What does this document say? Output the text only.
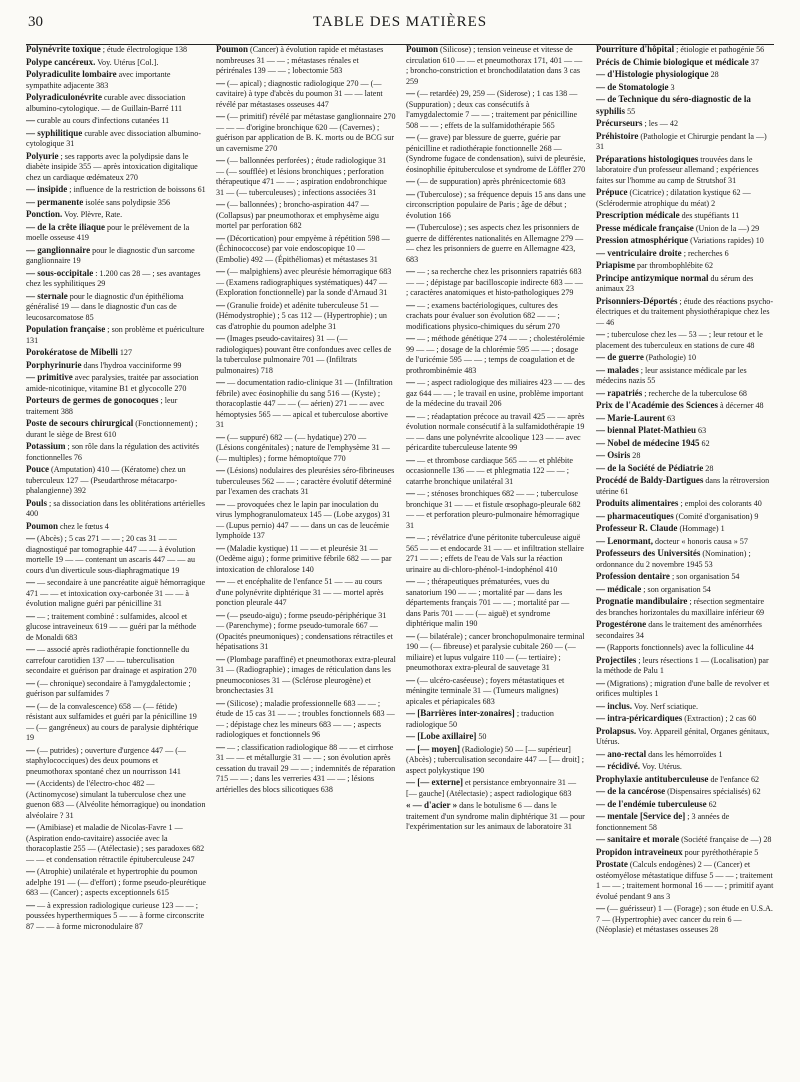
30	TABLE DES MATIÈRES
Polynévrite toxique ; étude électrologique 138
Polype cancéreux. Voy. Utérus [Col.].
Polyradiculite lombaire avec importante sympathite adjacente 383
Polyradiculonévrite curable avec dissociation albumino-cytologique. — de Guillain-Barré 111
— curable au cours d'infections cutanées 11
— syphilitique curable avec dissociation albumino-cytologique 31
Polyurie ; ses rapports avec la polydipsie dans le diabète insipide 355 — après intoxication digitalique chez un cardiaque œdémateux 270
— insipide ; influence de la restriction de boissons 61
— permanente isolée sans polydipsie 356
Ponction. Voy. Plèvre, Rate.
— de la crête iliaque pour le prélèvement de la moelle osseuse 419
— ganglionnaire pour le diagnostic d'un sarcome ganglionnaire 19
— sous-occipitale : 1.200 cas 28 — ; ses avantages chez les syphilitiques 29
— sternale pour le diagnostic d'un épithélioma généralisé 19 — dans le diagnostic d'un cas de leucosarcomatose 85
Population française ; son problème et puériculture 131
Porokératose de Mibelli 127
Porphyrinurie dans l'hydroa vacciniforme 99
— primitive avec paralysies, traitée par association amide-nicotinique, vitamine B1 et glycocolle 270
Porteurs de germes de gonocoques ; leur traitement 388
Poste de secours chirurgical (Fonctionnement) ; durant le siège de Brest 610
Potassium ; son rôle dans la régulation des activités fonctionnelles 76
Pouce (Amputation) 410 — (Kératome) chez un tuberculeux 127 — (Pseudarthrose métacarpo-phalangienne) 392
Pouls ; sa dissociation dans les oblitérations artérielles 400
Poumon chez le fœtus 4
— (Abcès) ; 5 cas 271 — — ; 20 cas 31 — — diagnostiqué par tomographie 447 — — à évolution mortelle 19 — — contenant un ascaris 447 — — au cours d'un diverticule sous-diaphragmatique 19
— — secondaire à une pancréatite aiguë hémorragique 471 — — et intoxication oxy-carbonée 31 — — à évolution maligne guéri par pénicilline 31
— — ; traitement combiné : sulfamides, alcool et glucose intraveineux 619 — — guéri par la méthode de Monaldi 683
— — associé après radiothérapie fonctionnelle du carrefour carotidien 137 — — tuberculisation secondaire et guérison par drainage et aspiration 270
— (— chronique) secondaire à l'amygdalectomie ; guérison par sulfamides 7
— (— de la convalescence) 658 — (— fétide) résistant aux sulfamides et guéri par la pénicilline 19 — (— gangréneux) au cours de paralysie diphtérique 19
— (— putrides) ; ouverture d'urgence 447 — (— staphylococciques) des deux poumons et pneumothorax spontané chez un nourrisson 141
— (Accidents) de l'électro-choc 482 — (Actinomycose) simulant la tuberculose chez une guenon 683 — (Alvéolite hémorragique) ou inondation alvéolaire ? 31
— (Amibiase) et maladie de Nicolas-Favre 1 — (Aspiration endo-cavitaire) associée avec la thoracoplastie 255 — (Atélectasie) ; ses paradoxes 682 — — et condensation rétractile épituberculeuse 247
— (Atrophie) unilatérale et hypertrophie du poumon adelphe 191 — (— d'effort) ; forme pseudo-pleurétique 683 — (Cancer) ; aspects exceptionnels 615
— — à expression radiologique curieuse 123 — — ; poussées hyperthermiques 5 — — à forme circonscrite 87 — — à forme micronodulaire 87
Poumon (Cancer) à évolution rapide et métastases nombreuses 31 — — ; métastases rénales et périrénales 139 — — ; lobectomie 583
— (— apical) ; diagnostic radiologique 270 — (— cavitaire) à type d'abcès du poumon 31 — — latent révélé par métastases osseuses 447
— (— primitif) révélé par métastase ganglionnaire 270 — — — d'origine bronchique 620 — (Cavernes) ; guérison par application de B. K. morts ou de BCG sur un cavernisme 270
— (— ballonnées perforées) ; étude radiologique 31 — (— soufflée) et lésions bronchiques ; perforation thérapeutique 471 — — ; aspiration endobronchique 31 — (— tuberculeuses) ; infections associées 31
— (— ballonnées) ; broncho-aspiration 447 — (Collapsus) par pneumothorax et emphysème aigu mortel par perforation 682
— (Décortication) pour empyème à répétition 598 — (Échinococcose) par voie endoscopique 10 — (Embolie) 492 — (Épithéliomas) et métastases 31
— (— malpighiens) avec pleurésie hémorragique 683 — (Examens radiographiques systématiques) 447 — (Exploration fonctionnelle) par la sonde d'Arnaud 31
— (Granulie froide) et adénite tuberculeuse 51 — (Hémodystrophie) ; 5 cas 112 — (Hypertrophie) ; un cas d'atrophie du poumon adelphe 31
— (Images pseudo-cavitaires) 31 — (— radiologiques) pouvant être confondues avec celles de la tuberculose pulmonaire 701 — (Infiltrats pulmonaires) 718
— — documentation radio-clinique 31 — (Infiltration fébrile) avec éosinophilie du sang 516 — (Kyste) ; thoracoplastie 447 — — (— aérien) 271 — — avec hémoptysies 565 — — apical et tuberculose abortive 31
— (— suppuré) 682 — (— hydatique) 270 — (Lésions congénitales) ; nature de l'emphysème 31 — (— multiples) ; forme hémoptoïque 770
— (Lésions) nodulaires des pleurésies séro-fibrineuses tuberculeuses 562 — — ; caractère évolutif déterminé par l'examen des crachats 31
— — provoquées chez le lapin par inoculation du virus lymphogranulomateux 145 — (Lobe azygos) 31 — (Lupus pernio) 447 — — dans un cas de leucémie lymphoïde 137
— (Maladie kystique) 11 — — et pleurésie 31 — (Oedème aigu) ; forme primitive fébrile 682 — — par intoxication de chloralose 140
— — et encéphalite de l'enfance 51 — — au cours d'une polynévrite diphtérique 31 — — mortel après ponction pleurale 447
— (— pseudo-aigu) ; forme pseudo-périphérique 31 — (Parenchyme) ; forme pseudo-tumorale 667 — (Opacités pneumoniques) ; condensations rétractiles et hépatisations 31
— (Plombage paraffiné) et pneumothorax extra-pleural 31 — (Radiographie) ; images de réticulation dans les pneumoconioses 31 — (Sclérose pleurogène) et bronchectasies 31
— (Silicose) ; maladie professionnelle 683 — — ; étude de 15 cas 31 — — ; troubles fonctionnels 683 — — ; dépistage chez les mineurs 683 — — ; aspects radiologiques et fonctionnels 96
— — ; classification radiologique 88 — — et cirrhose 31 — — et métallurgie 31 — — ; son évolution après cessation du travail 29 — — ; indemnités de réparation 715 — — ; dans les verreries 431 — — ; lésions artérielles des blocs silicotiques 638
Poumon (Silicose) ; tension veineuse et vitesse de circulation 610 — — et pneumothorax 171, 401 — — ; broncho-constriction et bronchodilatation dans 3 cas 259
— (— retardée) 29, 259 — (Siderose) ; 1 cas 138 — (Suppuration) ; deux cas consécutifs à l'amygdalectomie 7 — — ; traitement par pénicilline 508 — — ; effets de la sulfamidothérapie 565
— (— grave) par blessure de guerre, guérie par pénicilline et radiothérapie fonctionnelle 268 — (Syndrome fugace de condensation), suivi de pleurésie, éosinophilie épituberculose et syndrome de Löffler 270
— (— de suppuration) après phrénicectomie 683
— (Tuberculose) ; sa fréquence depuis 15 ans dans une circonscription populaire de Paris ; âge de début ; évolution 166
— (Tuberculose) ; ses aspects chez les prisonniers de guerre de différentes nationalités en Allemagne 279 — — chez les prisonniers de guerre en Allemagne 423, 683
— — ; sa recherche chez les prisonniers rapatriés 683 — — ; dépistage par bacilloscopie indirecte 683 — — ; caractères anatomiques et histo-pathologiques 279
— — ; examens bactériologiques, cultures des crachats pour évaluer son évolution 682 — — ; modifications physico-chimiques du sérum 270
— — ; méthode génétique 274 — — ; cholestérolémie 99 — — ; dosage de la chlorémie 595 — — ; dosage de l'uricémie 595 — — ; temps de coagulation et de prothrombinémie 483
— — ; aspect radiologique des miliaires 423 — — des gaz 644 — — ; le travail en usine, problème important de la médecine du travail 206
— — ; réadaptation précoce au travail 425 — — après évolution normale consécutif à la sulfamidothérapie 19 — — dans une polynévrite alcoolique 123 — — avec péricardite tuberculeuse latente 99
— — et thrombose cardiaque 565 — — et phlébite occasionnelle 136 — — et phlegmatia 122 — — ; catarrhe bronchique unilatéral 31
— — ; sténoses bronchiques 682 — — ; tuberculose bronchique 31 — — et fistule œsophago-pleurale 682 — — et perforation pleuro-pulmonaire hémorragique 31
— — ; révélatrice d'une péritonite tuberculeuse aiguë 565 — — et endocarde 31 — — et infiltration stellaire 271 — — ; effets de l'eau de Vals sur la réaction urinaire au di-chloro-phénol-1-indophénol 410
— — ; thérapeutiques prématurées, vues du sanatorium 190 — — ; mortalité par — dans les départements français 701 — — ; mortalité par — dans Paris 701 — — (— aiguë) et syndrome diphtérique malin 190
— (— bilatérale) ; cancer bronchopulmonaire terminal 190 — (— fibreuse) et paralysie cubitale 260 — (— miliaire) et lupus vulgaire 110 — (— tertiaire) ; pneumothorax extra-pleural de sauvetage 31
— (— ulcéro-caséeuse) ; foyers métastatiques et méningite terminale 31 — (Tumeurs malignes) apicales et périapicales 683
— [Barrières inter-zonaires] ; traduction radiologique 50
— [Lobe axillaire] 50
— [— moyen] (Radiologie) 50 — [— supérieur] (Abcès) ; tuberculisation secondaire 447 — [— droit] ; aspect polykystique 190
— [— externe] et persistance embryonnaire 31 — [— gauche] (Atélectasie) ; aspect radiologique 683
« — d'acier » dans le botulisme 6 — dans le traitement d'un syndrome malin diphtérique 31 — pour l'expérimentation sur les animaux de laboratoire 31
Pourriture d'hôpital ; étiologie et pathogénie 56
Précis de Chimie biologique et médicale 37
— d'Histologie physiologique 28
— de Stomatologie 3
— de Technique du séro-diagnostic de la syphilis 55
Précurseurs ; les — 42
Préhistoire (Pathologie et Chirurgie pendant la —) 31
Préparations histologiques trouvées dans le laboratoire d'un professeur allemand ; expériences faites sur l'homme au camp de Strutshof 31
Prépuce (Cicatrice) ; dilatation kystique 62 — (Sclérodermie atrophique du méat) 2
Prescription médicale des stupéfiants 11
Presse médicale française (Union de la —) 29
Pression atmosphérique (Variations rapides) 10
— ventriculaire droite ; recherches 6
Priapisme par thrombophlébite 62
Principe antizymique normal du sérum des animaux 23
Prisonniers-Déportés ; étude des réactions psycho-électriques et du traitement physiothérapique chez les — 46
— ; tuberculose chez les — 53 — ; leur retour et le placement des tuberculeux en stations de cure 48
— de guerre (Pathologie) 10
— malades ; leur assistance médicale par les médecins nazis 55
— rapatriés ; recherche de la tuberculose 68
Prix de l'Académie des Sciences à décerner 48
— Marie-Laurent 63
— biennal Platet-Mathieu 63
— Nobel de médecine 1945 62
— Osiris 28
— de la Société de Pédiatrie 28
Procédé de Baldy-Dartigues dans la rétroversion utérine 61
Produits alimentaires ; emploi des colorants 40
— pharmaceutiques (Comité d'organisation) 9
Professeur R. Claude (Hommage) 1
— Lenormant, docteur « honoris causa » 57
Professeurs des Universités (Nomination) ; ordonnance du 2 novembre 1945 53
Profession dentaire ; son organisation 54
— médicale ; son organisation 54
Prognatie mandibulaire ; résection segmentaire des branches horizontales du maxillaire inférieur 69
Progestérone dans le traitement des aménorrhées secondaires 34
— (Rapports fonctionnels) avec la folliculine 44
Projectiles ; leurs résections 1 — (Localisation) par la méthode de Palu 1
— (Migrations) ; migration d'une balle de revolver et orifices multiples 1
— inclus. Voy. Nerf sciatique.
— intra-péricardiques (Extraction) ; 2 cas 60
Prolapsus. Voy. Appareil génital, Organes génitaux, Utérus.
— ano-rectal dans les hémorroïdes 1
— récidivé. Voy. Utérus.
Prophylaxie antituberculeuse de l'enfance 62
— de la cancérose (Dispensaires spécialisés) 62
— de l'endémie tuberculeuse 62
— mentale [Service de] ; 3 années de fonctionnement 58
— sanitaire et morale (Société française de —) 28
Propidon intraveineux pour pyréthothérapie 5
Prostate (Calculs endogènes) 2 — (Cancer) et ostéomyélose métastatique diffuse 5 — — ; traitement 1 — — ; traitement hormonal 16 — — ; primitif ayant évolué pendant 9 ans 3
— (— guérisseur) 1 — (Forage) ; son étude en U.S.A. 7 — (Hypertrophie) avec cancer du rein 6 — (Néoplasie) et métastases osseuses 28
